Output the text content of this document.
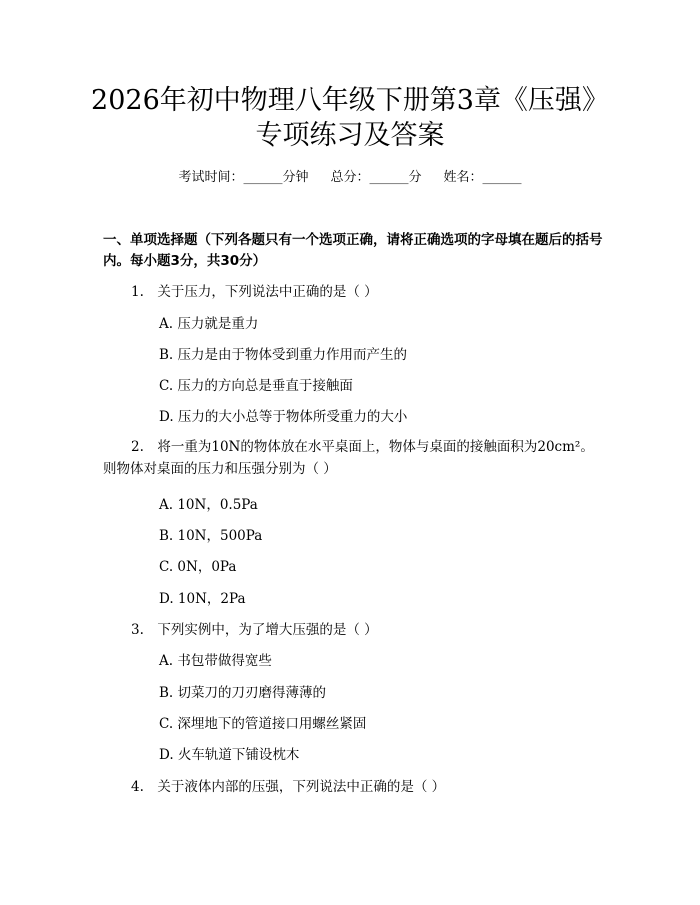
2026年初中物理八年级下册第3章《压强》
专项练习及答案
考试时间：______分钟 总分：______分 姓名：______
一、单项选择题（下列各题只有一个选项正确，请将正确选项的字母填在题后的括号内。每小题3分，共30分）
1.　关于压力，下列说法中正确的是（ ）
A. 压力就是重力
B. 压力是由于物体受到重力作用而产生的
C. 压力的方向总是垂直于接触面
D. 压力的大小总等于物体所受重力的大小
2.　将一重为10N的物体放在水平桌面上，物体与桌面的接触面积为20cm²。则物体对桌面的压力和压强分别为（ ）
A. 10N，0.5Pa
B. 10N，500Pa
C. 0N，0Pa
D. 10N，2Pa
3.　下列实例中，为了增大压强的是（ ）
A. 书包带做得宽些
B. 切菜刀的刀刃磨得薄薄的
C. 深埋地下的管道接口用螺丝紧固
D. 火车轨道下铺设枕木
4.　关于液体内部的压强，下列说法中正确的是（ ）
